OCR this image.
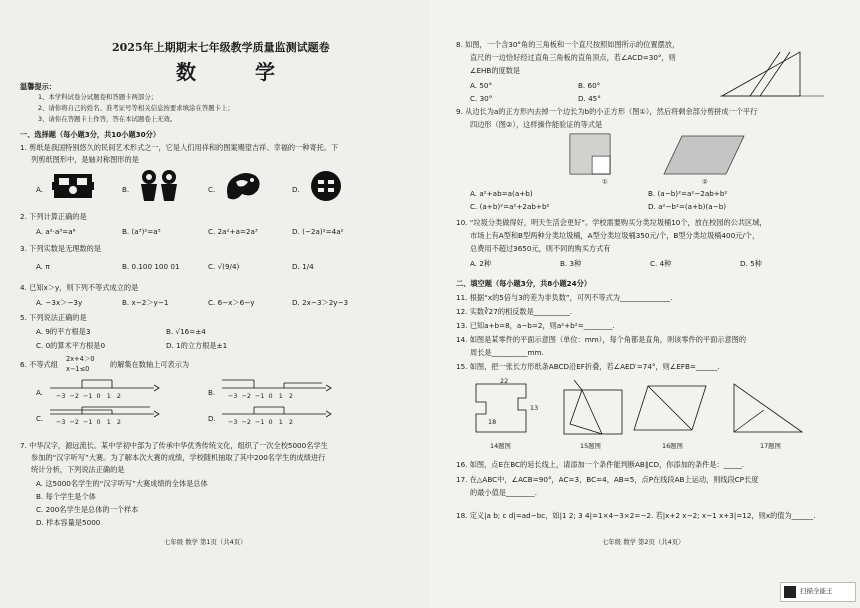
2025年上期期末七年级教学质量监测试题卷
数 学
温馨提示：
1、本学科试卷分试题卷和答题卡两部分；
2、请你将自己的姓名、准考证号等相关信息按要求填涂在答题卡上；
3、请你在答题卡上作答，答在本试题卷上无效。
一、选择题（每小题3分，共10小题30分）
1. 剪纸是我国特别悠久的民间艺术形式之一，它是人们用祥和的图案赐望吉祥、幸福的一种寄托。下
列剪纸图形中，是轴对称图形的是
A.	B.	C.	D.
2. 下列计算正确的是
A. a²·a³=a⁶	B. (a³)²=a⁵	C. 2a²+a=2a³	D. (−2a)²=4a²
3. 下列实数是无理数的是
A. π	B. 0.100 100 01	C. √(9/4)	D. 1/4
4. 已知x＞y，则下列不等式成立的是
A. −3x＞−3y	B. x−2＞y−1	C. 6−x＞6−y	D. 2x−3＞2y−3
5. 下列说法正确的是
A. 9的平方根是3	B. √16=±4
C. 0的算术平方根是0	D. 1的立方根是±1
6. 不等式组
2x+4＞0
x−1≤0	的解集在数轴上可表示为
A.
C.
B.
D.
−3 −2 −1 0 1 2	−3 −2 −1 0 1 2
−3 −2 −1 0 1 2	−3 −2 −1 0 1 2
7. 中华汉字，源远流长。某中学初中部为了传承中华优秀传统文化，组织了一次全校5000名学生
参加的“汉字听写”大赛。为了解本次大赛的成绩，学校随机抽取了其中200名学生的成绩进行
统计分析，下列说法正确的是
A. 这5000名学生的“汉字听写”大赛成绩的全体是总体
B. 每个学生是个体
C. 200名学生是总体的一个样本
D. 样本容量是5000
七年级 数学 第1页（共4页）
8. 如图，一个含30°角的三角板和一个直尺按照如图所示的位置摆放，
直尺的一边恰好经过直角三角板的直角顶点，若∠ACD=30°，则
∠EHB的度数是
A. 50°	B. 60°
C. 30°	D. 45°
9. 从边长为a的正方形内去掉一个边长为b的小正方形（图①），然后将剩余部分剪拼成一个平行
四边形（图②），这样操作能验证的等式是
①	②
A. a²+ab=a(a+b)	B. (a−b)²=a²−2ab+b²
C. (a+b)²=a²+2ab+b²	D. a²−b²=(a+b)(a−b)
10. “垃圾分类做得好，明天生活会更好”。学校需要购买分类垃圾桶10个，放在校园的公共区域，
市场上有A型和B型两种分类垃圾桶，A型分类垃圾桶350元/个，B型分类垃圾桶400元/个，
总费用不超过3650元，则不同的购买方式有
A. 2种	B. 3种	C. 4种	D. 5种
二、填空题（每小题3分，共8小题24分）
11. 根据“x的5倍与3的差为非负数”，可列不等式为______________.
12. 实数∛27的相反数是__________.
13. 已知a+b=8，a−b=2，则a²+b²=________.
14. 如图是某零件的平面示意图（单位：mm），每个角都是直角，则该零件的平面示意图的
周长是__________mm.
15. 如图，把一张长方形纸条ABCD沿EF折叠，若∠AED′=74°，则∠EFB=______.
22
13
18
14题图	15题图	16题图	17题图
16. 如图，点E在BC的延长线上，请添加一个条件能判断AB∥CD，你添加的条件是：_____.
17. 在△ABC中，∠ACB=90°，AC=3，BC=4，AB=5，点P在线段AB上运动，则线段CP长度
的最小值是________.
18. 定义|a b; c d|=ad−bc，如|1 2; 3 4|=1×4−3×2=−2. 若|x+2 x−2; x−1 x+3|=12，则x的值为______.
七年级 数学 第2页（共4页）
扫描全能王
